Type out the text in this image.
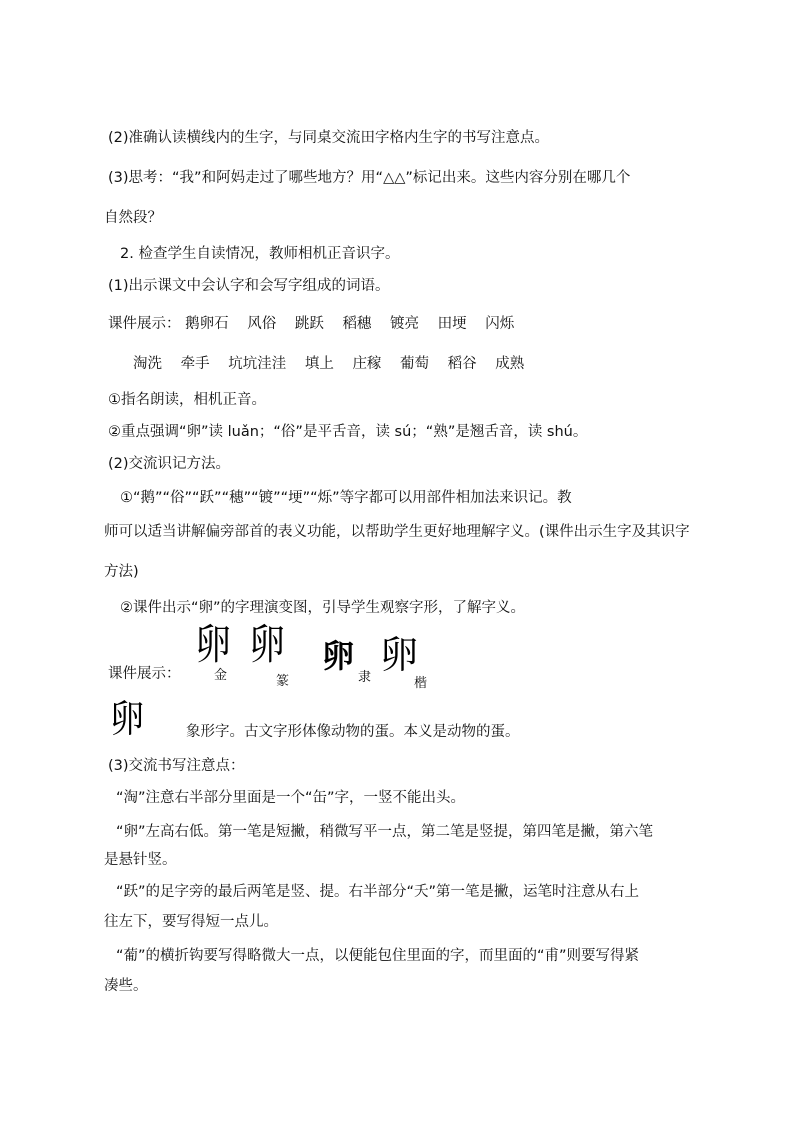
(2)准确认读横线内的生字，与同桌交流田字格内生字的书写注意点。
(3)思考：“我”和阿妈走过了哪些地方？用“△△”标记出来。这些内容分别在哪几个
自然段？
2. 检查学生自读情况，教师相机正音识字。
(1)出示课文中会认字和会写字组成的词语。
课件展示： 鹅卵石 风俗 跳跃 稻穗 镀亮 田埂 闪烁
淘洗 牵手 坑坑洼洼 填上 庄稼 葡萄 稻谷 成熟
①指名朗读，相机正音。
②重点强调“卵”读 luǎn；“俗”是平舌音，读 sú；“熟”是翘舌音，读 shú。
(2)交流识记方法。
①“鹅”“俗”“跃”“穗”“镀”“埂”“烁”等字都可以用部件相加法来识记。教
师可以适当讲解偏旁部首的表义功能，以帮助学生更好地理解字义。(课件出示生字及其识字
方法)
②课件出示“卵”的字理演变图，引导学生观察字形，了解字义。
课件展示：
卵
金
卵
篆
卵
隶
卵
楷
卵	象形字。古文字形体像动物的蛋。本义是动物的蛋。
(3)交流书写注意点：
“淘”注意右半部分里面是一个“缶”字，一竖不能出头。
“卵”左高右低。第一笔是短撇，稍微写平一点，第二笔是竖提，第四笔是撇，第六笔
是悬针竖。
“跃”的足字旁的最后两笔是竖、提。右半部分“夭”第一笔是撇，运笔时注意从右上
往左下，要写得短一点儿。
“葡”的横折钩要写得略微大一点，以便能包住里面的字，而里面的“甫”则要写得紧
凑些。
